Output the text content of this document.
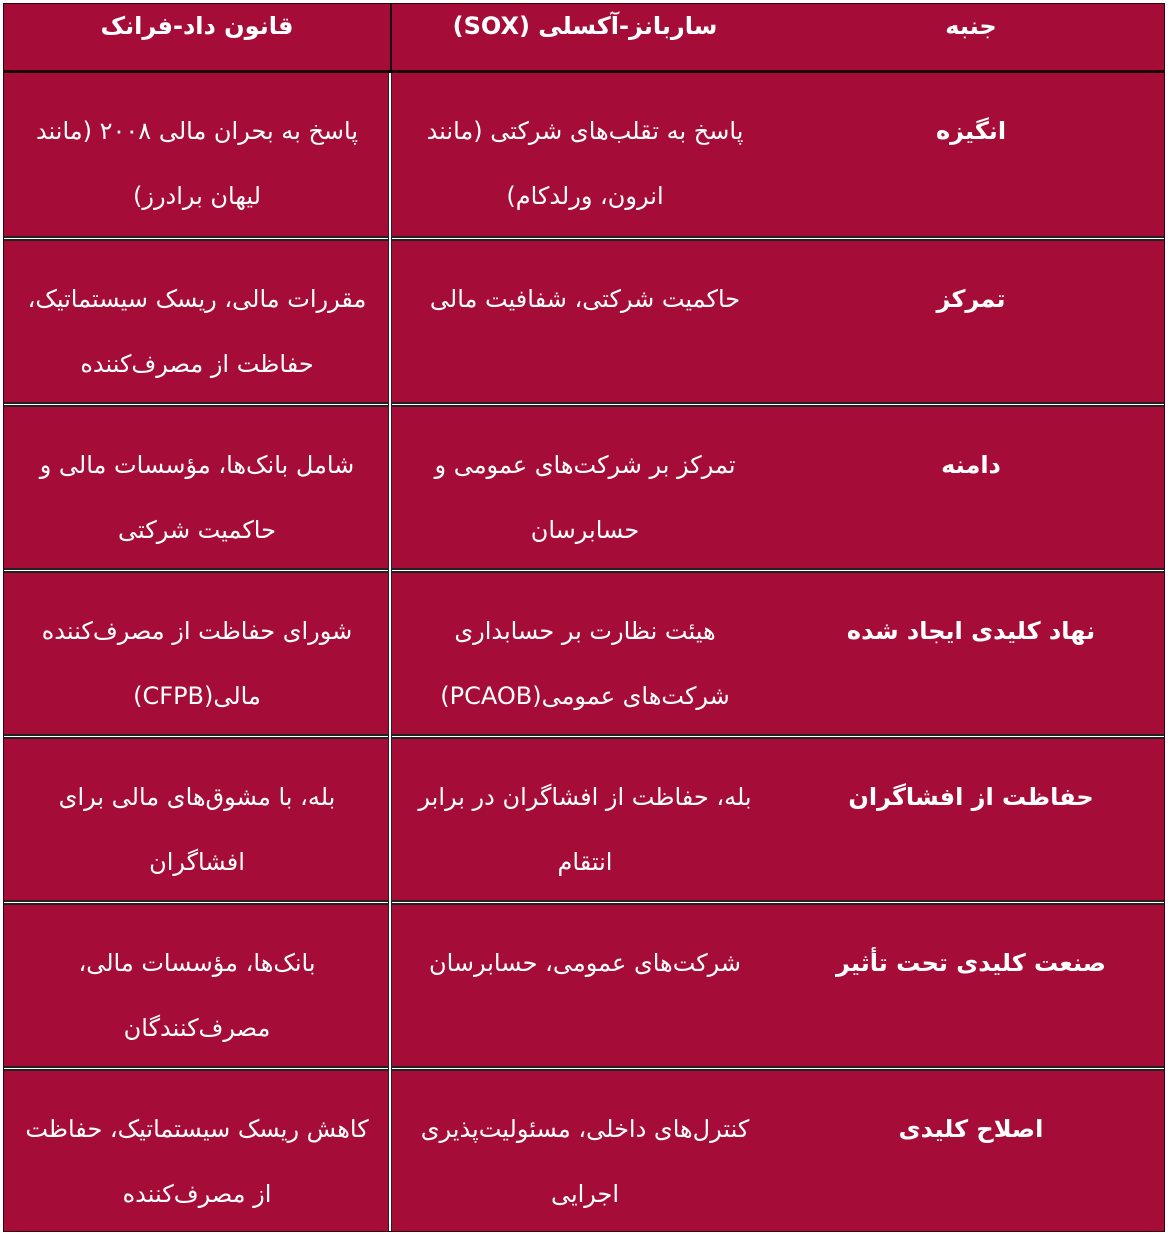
جنبه
ساربانز-آکسلی (SOX)
قانون داد-فرانک
انگیزه
پاسخ به تقلب‌های شرکتی (مانند انرون، ورلدکام)
پاسخ به بحران مالی ۲۰۰۸ (مانند لیهان برادرز)
تمرکز
حاکمیت شرکتی، شفافیت مالی
مقررات مالی، ریسک سیستماتیک، حفاظت از مصرف‌کننده
دامنه
تمرکز بر شرکت‌های عمومی و حسابرسان
شامل بانک‌ها، مؤسسات مالی و حاکمیت شرکتی
نهاد کلیدی ایجاد شده
هیئت نظارت بر حسابداری شرکت‌های عمومی(PCAOB)
شورای حفاظت از مصرف‌کننده مالی(CFPB)
حفاظت از افشاگران
بله، حفاظت از افشاگران در برابر انتقام
بله، با مشوق‌های مالی برای افشاگران
صنعت کلیدی تحت تأثیر
شرکت‌های عمومی، حسابرسان
بانک‌ها، مؤسسات مالی، مصرف‌کنندگان
اصلاح کلیدی
کنترل‌های داخلی، مسئولیت‌پذیری اجرایی
کاهش ریسک سیستماتیک، حفاظت از مصرف‌کننده
